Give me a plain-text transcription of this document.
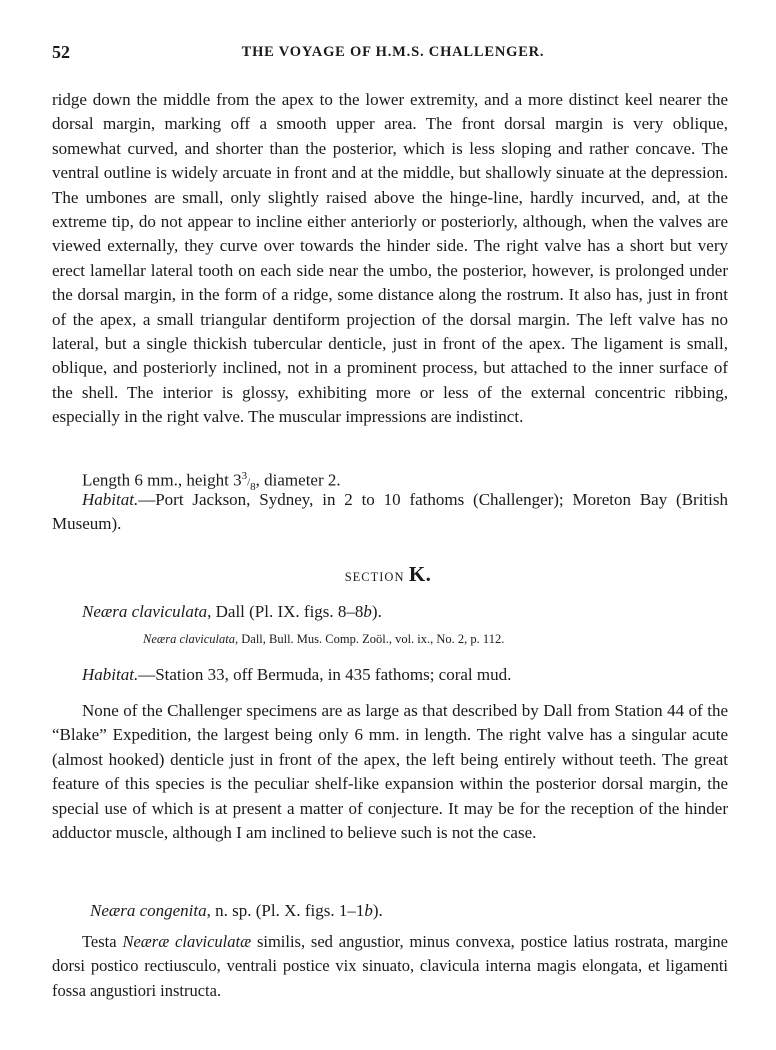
52	THE VOYAGE OF H.M.S. CHALLENGER.

ridge down the middle from the apex to the lower extremity, and a more distinct keel nearer the dorsal margin, marking off a smooth upper area. The front dorsal margin is very oblique, somewhat curved, and shorter than the posterior, which is less sloping and rather concave. The ventral outline is widely arcuate in front and at the middle, but shallowly sinuate at the depression. The umbones are small, only slightly raised above the hinge-line, hardly incurved, and, at the extreme tip, do not appear to incline either anteriorly or posteriorly, although, when the valves are viewed externally, they curve over towards the hinder side. The right valve has a short but very erect lamellar lateral tooth on each side near the umbo, the posterior, however, is prolonged under the dorsal margin, in the form of a ridge, some distance along the rostrum. It also has, just in front of the apex, a small triangular dentiform projection of the dorsal margin. The left valve has no lateral, but a single thickish tubercular denticle, just in front of the apex. The ligament is small, oblique, and posteriorly inclined, not in a prominent process, but attached to the inner surface of the shell. The interior is glossy, exhibiting more or less of the external concentric ribbing, especially in the right valve. The muscular impressions are indistinct.

Length 6 mm., height $3^3/_8$, diameter 2.

Habitat.—Port Jackson, Sydney, in 2 to 10 fathoms (Challenger); Moreton Bay (British Museum).

SECTION K.

Neæra claviculata, Dall (Pl. IX. figs. 8–8b).

Neæra claviculata, Dall, Bull. Mus. Comp. Zoöl., vol. ix., No. 2, p. 112.

Habitat.—Station 33, off Bermuda, in 435 fathoms; coral mud.

None of the Challenger specimens are as large as that described by Dall from Station 44 of the “Blake” Expedition, the largest being only 6 mm. in length. The right valve has a singular acute (almost hooked) denticle just in front of the apex, the left being entirely without teeth. The great feature of this species is the peculiar shelf-like expansion within the posterior dorsal margin, the special use of which is at present a matter of conjecture. It may be for the reception of the hinder adductor muscle, although I am inclined to believe such is not the case.

Neæra congenita, n. sp. (Pl. X. figs. 1–1b).

Testa Neæræ claviculatæ similis, sed angustior, minus convexa, postice latius rostrata, margine dorsi postico rectiusculo, ventrali postice vix sinuato, clavicula interna magis elongata, et ligamenti fossa angustiori instructa.
